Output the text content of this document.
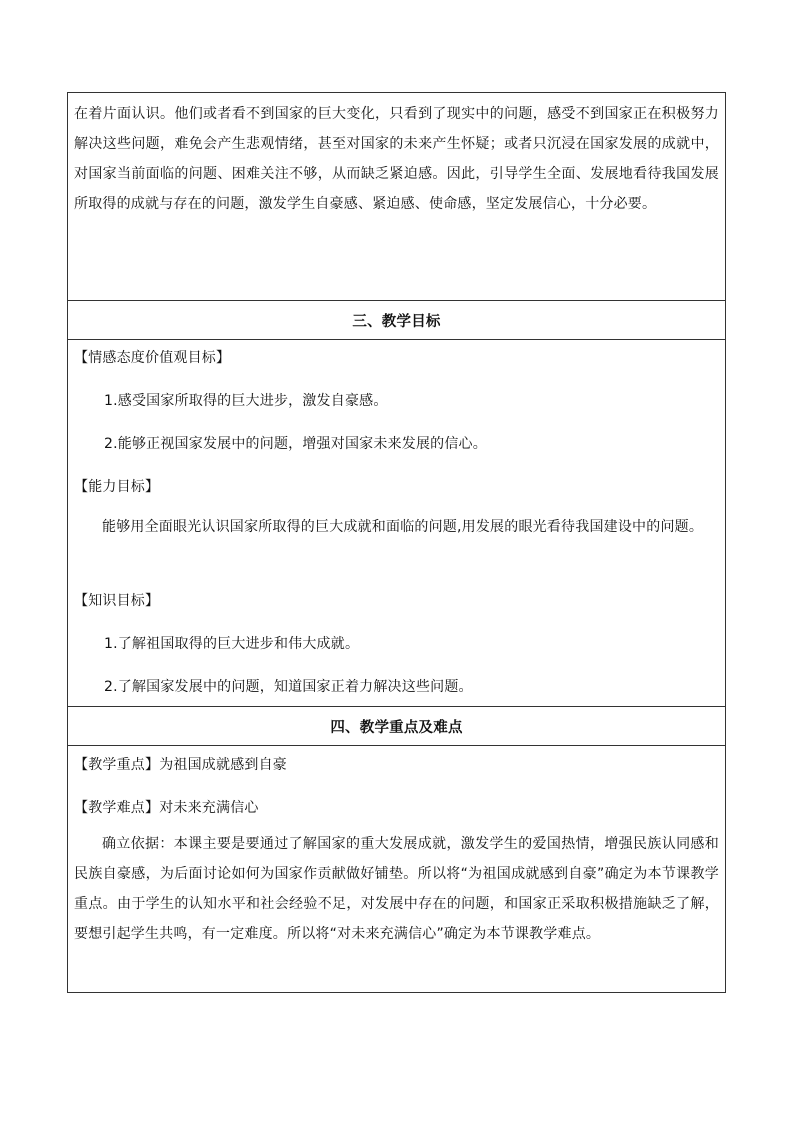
在着片面认识。他们或者看不到国家的巨大变化，只看到了现实中的问题，感受不到国家正在积极努力解决这些问题，难免会产生悲观情绪，甚至对国家的未来产生怀疑；或者只沉浸在国家发展的成就中，对国家当前面临的问题、困难关注不够，从而缺乏紧迫感。因此，引导学生全面、发展地看待我国发展所取得的成就与存在的问题，激发学生自豪感、紧迫感、使命感，坚定发展信心，十分必要。

三、教学目标

【情感态度价值观目标】

1.感受国家所取得的巨大进步，激发自豪感。

2.能够正视国家发展中的问题，增强对国家未来发展的信心。

【能力目标】

能够用全面眼光认识国家所取得的巨大成就和面临的问题,用发展的眼光看待我国建设中的问题。

【知识目标】

1.了解祖国取得的巨大进步和伟大成就。

2.了解国家发展中的问题，知道国家正着力解决这些问题。

四、教学重点及难点

【教学重点】为祖国成就感到自豪

【教学难点】对未来充满信心

确立依据：本课主要是要通过了解国家的重大发展成就，激发学生的爱国热情，增强民族认同感和民族自豪感，为后面讨论如何为国家作贡献做好铺垫。所以将“为祖国成就感到自豪”确定为本节课教学重点。由于学生的认知水平和社会经验不足，对发展中存在的问题，和国家正采取积极措施缺乏了解，要想引起学生共鸣，有一定难度。所以将“对未来充满信心”确定为本节课教学难点。
